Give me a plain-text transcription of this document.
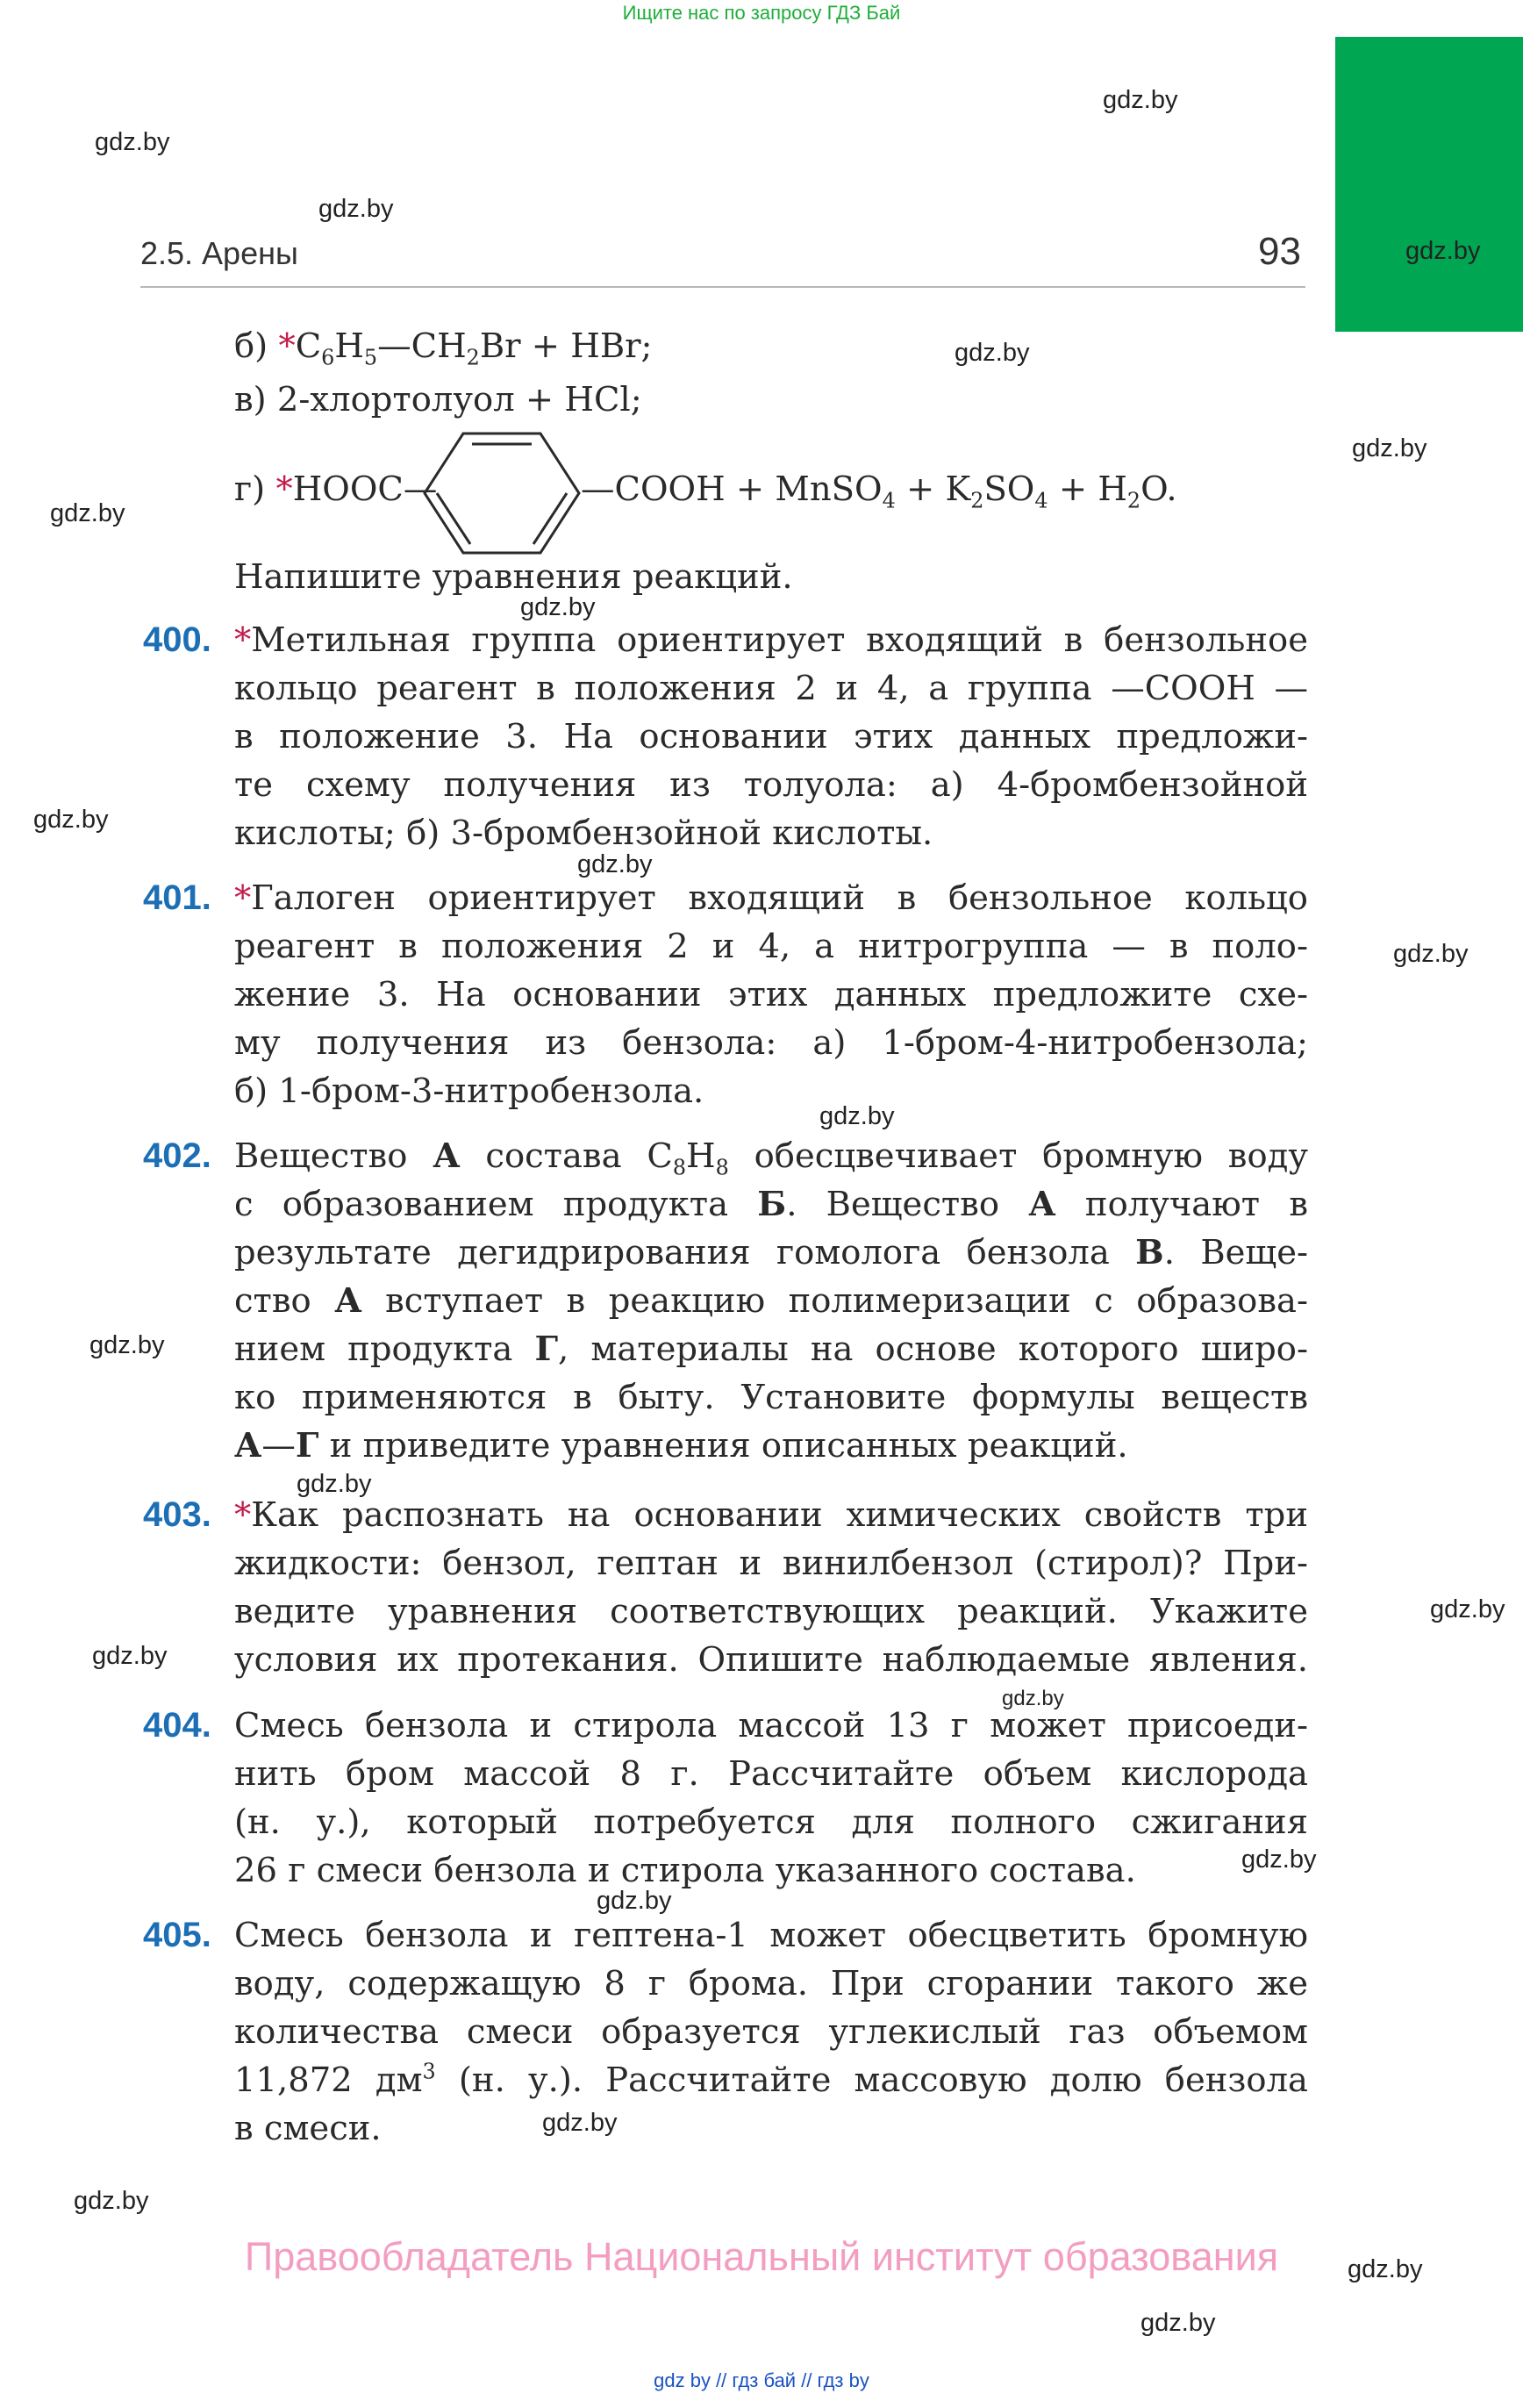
Ищите нас по запросу ГДЗ Бай
gdz.by
gdz.by
gdz.by
gdz.by
gdz.by
gdz.by
gdz.by
gdz.by
gdz.by
gdz.by
gdz.by
gdz.by
gdz.by
gdz.by
gdz.by
gdz.by
gdz.by
gdz.by
gdz.by
gdz.by
gdz.by
gdz.by
gdz.by
2.5. Арены	93
б) $*C_6H_5—CH_2Br$ + HBr;
в) 2-хлортолуол + HCl;
г) *HOOC—	—COOH + MnSO$_4$ + $K_2SO_4 + H_2O$.
Напишите уравнения реакций.
400.
401.
402.
403.
404.
405.
*Метильная группа ориентирует входящий в бензольное
кольцо реагент в положения 2 и 4, а группа —COOH —
в положение 3. На основании этих данных предложи-
те схему получения из толуола: а) 4-бромбензойной
кислоты; б) 3-бромбензойной кислоты.
*Галоген ориентирует входящий в бензольное кольцо
реагент в положения 2 и 4, а нитрогруппа — в поло-
жение 3. На основании этих данных предложите схе-
му получения из бензола: а) 1-бром-4-нитробензола;
б) 1-бром-3-нитробензола.
Вещество А состава $C_8H_8$ обесцвечивает бромную воду
с образованием продукта Б. Вещество А получают в
результате дегидрирования гомолога бензола В. Веще-
ство А вступает в реакцию полимеризации с образова-
нием продукта Г, материалы на основе которого широ-
ко применяются в быту. Установите формулы веществ
А—Г и приведите уравнения описанных реакций.
*Как распознать на основании химических свойств три
жидкости: бензол, гептан и винилбензол (стирол)? При-
ведите уравнения соответствующих реакций. Укажите
условия их протекания. Опишите наблюдаемые явления.
Смесь бензола и стирола массой 13 г может присоеди-
нить бром массой 8 г. Рассчитайте объем кислорода
(н. у.), который потребуется для полного сжигания
26 г смеси бензола и стирола указанного состава.
Смесь бензола и гептена-1 может обесцветить бромную
воду, содержащую 8 г брома. При сгорании такого же
количества смеси образуется углекислый газ объемом
11,872 $дм^3$ (н. у.). Рассчитайте массовую долю бензола
в смеси.
Правообладатель Национальный институт образования
gdz by // гдз бай // гдз by
